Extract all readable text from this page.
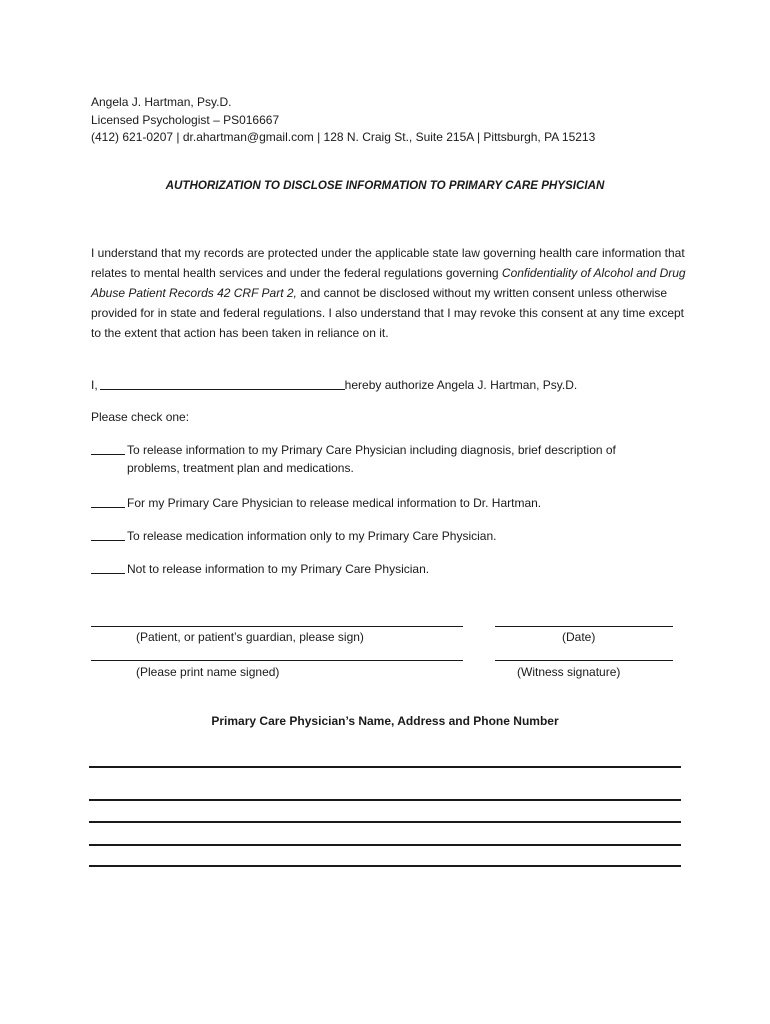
Angela J. Hartman, Psy.D.
Licensed Psychologist – PS016667
(412) 621-0207 | dr.ahartman@gmail.com | 128 N. Craig St., Suite 215A | Pittsburgh, PA 15213
AUTHORIZATION TO DISCLOSE INFORMATION TO PRIMARY CARE PHYSICIAN
I understand that my records are protected under the applicable state law governing health care information that relates to mental health services and under the federal regulations governing Confidentiality of Alcohol and Drug Abuse Patient Records 42 CRF Part 2, and cannot be disclosed without my written consent unless otherwise provided for in state and federal regulations. I also understand that I may revoke this consent at any time except to the extent that action has been taken in reliance on it.
I,	hereby authorize Angela J. Hartman, Psy.D.
Please check one:
To release information to my Primary Care Physician including diagnosis, brief description of problems, treatment plan and medications.
For my Primary Care Physician to release medical information to Dr. Hartman.
To release medication information only to my Primary Care Physician.
Not to release information to my Primary Care Physician.
(Patient, or patient’s guardian, please sign)	(Date)
(Please print name signed)	(Witness signature)
Primary Care Physician’s Name, Address and Phone Number
